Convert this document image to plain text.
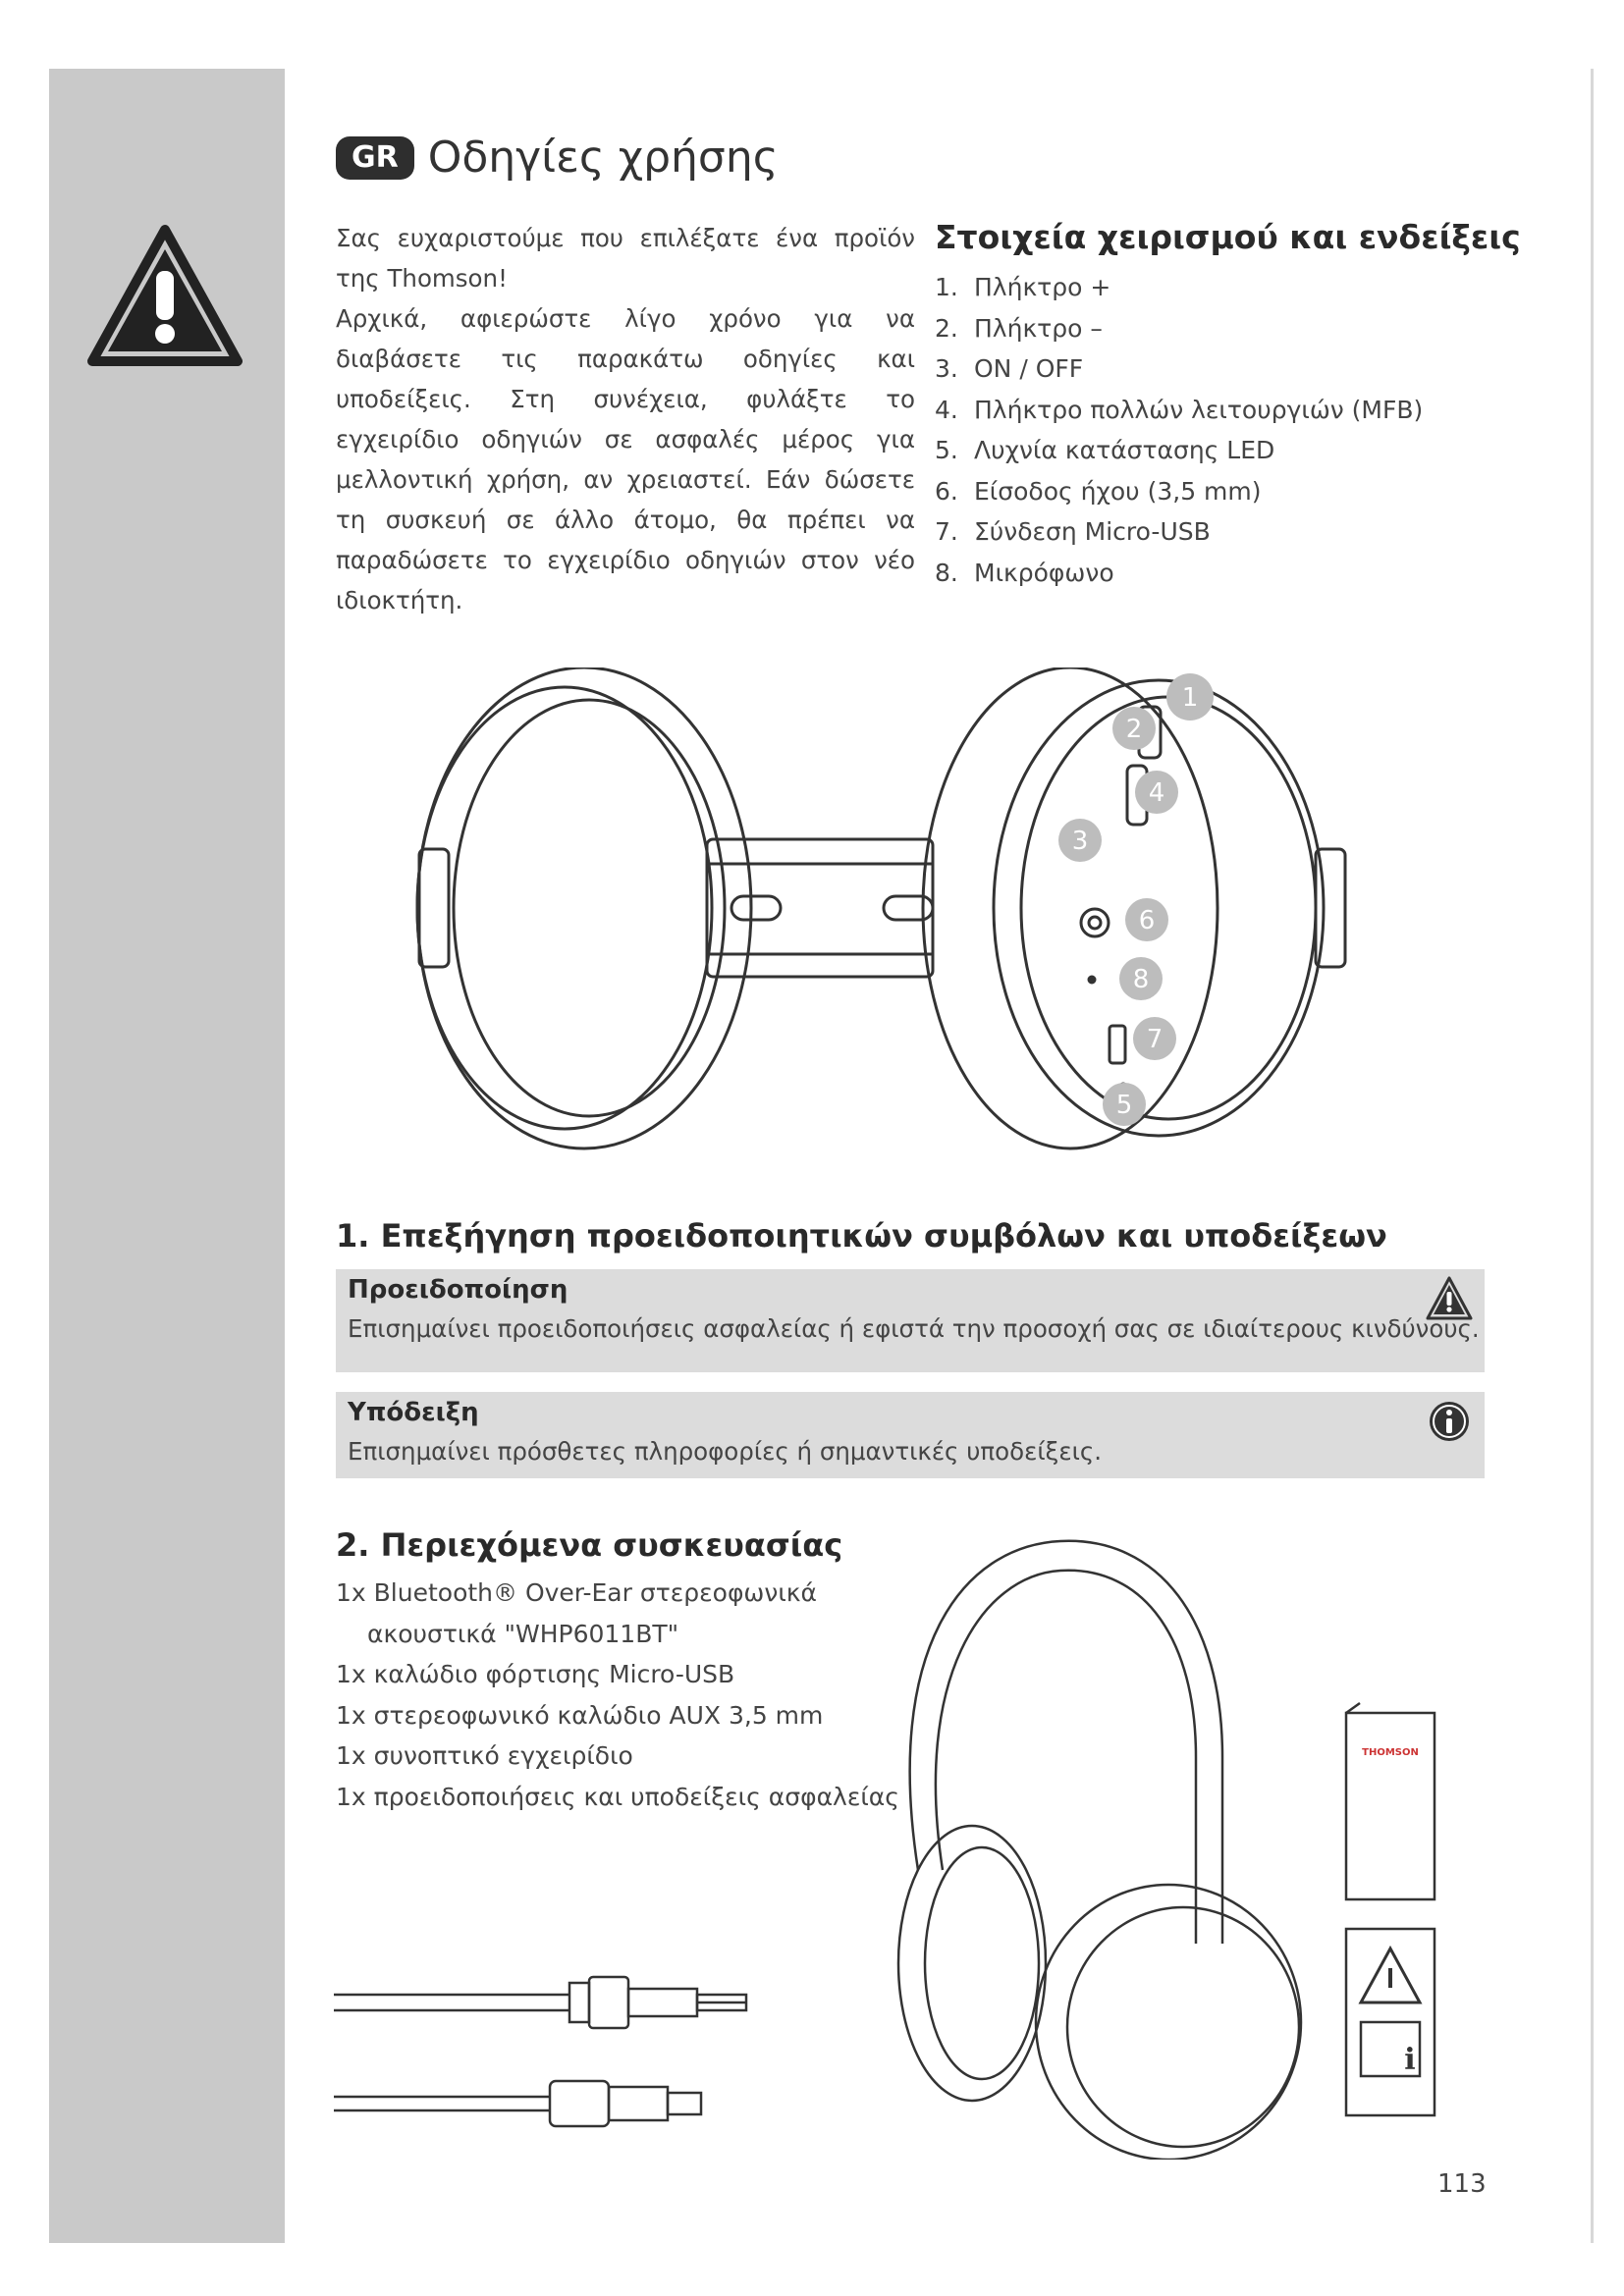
GR Οδηγίες χρήσης

Σας ευχαριστούμε που επιλέξατε ένα προϊόν της Thomson!

Αρχικά, αφιερώστε λίγο χρόνο για να διαβάσετε τις παρακάτω οδηγίες και υποδείξεις. Στη συνέχεια, φυλάξτε το εγχειρίδιο οδηγιών σε ασφαλές μέρος για μελλοντική χρήση, αν χρειαστεί. Εάν δώσετε τη συσκευή σε άλλο άτομο, θα πρέπει να παραδώσετε το εγχειρίδιο οδηγιών στον νέο ιδιοκτήτη.

Στοιχεία χειρισμού και ενδείξεις
1. Πλήκτρο +
2. Πλήκτρο –
3. ON / OFF
4. Πλήκτρο πολλών λειτουργιών (MFB)
5. Λυχνία κατάστασης LED
6. Είσοδος ήχου (3,5 mm)
7. Σύνδεση Micro-USB
8. Μικρόφωνο
1
2
3
4
5
6
7
8
1. Επεξήγηση προειδοποιητικών συμβόλων και υποδείξεων
Προειδοποίηση
Επισημαίνει προειδοποιήσεις ασφαλείας ή εφιστά την προσοχή σας σε ιδιαίτερους κινδύνους.
Υπόδειξη
Επισημαίνει πρόσθετες πληροφορίες ή σημαντικές υποδείξεις.
2. Περιεχόμενα συσκευασίας
1x Bluetooth® Over-Ear στερεοφωνικά
ακουστικά "WHP6011BT"
1x καλώδιο φόρτισης Micro-USB
1x στερεοφωνικό καλώδιο AUX 3,5 mm
1x συνοπτικό εγχειρίδιο
1x προειδοποιήσεις και υποδείξεις ασφαλείας
THOMSON
i
113
